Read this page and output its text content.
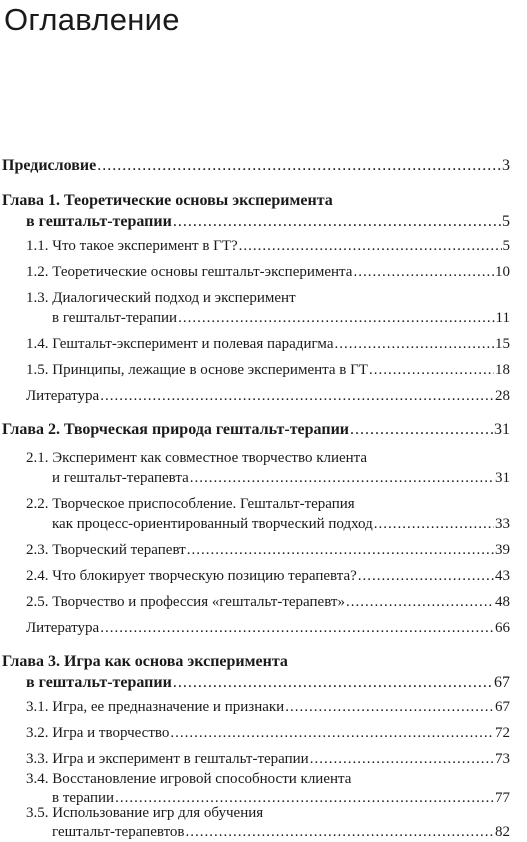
Оглавление
Предисловие .....	3
Глава 1. Теоретические основы эксперимента
в гештальт-терапии .....	5
1.1. Что такое эксперимент в ГТ? .....	5
1.2. Теоретические основы гештальт-эксперимента .....	10
1.3. Диалогический подход и эксперимент
в гештальт-терапии .....	11
1.4. Гештальт-эксперимент и полевая парадигма .....	15
1.5. Принципы, лежащие в основе эксперимента в ГТ .....	18
Литература .....	28
Глава 2. Творческая природа гештальт-терапии .....	31
2.1. Эксперимент как совместное творчество клиента
и гештальт-терапевта .....	31
2.2. Творческое приспособление. Гештальт-терапия
как процесс-ориентированный творческий подход .....	33
2.3. Творческий терапевт .....	39
2.4. Что блокирует творческую позицию терапевта? .....	43
2.5. Творчество и профессия «гештальт-терапевт» .....	48
Литература .....	66
Глава 3. Игра как основа эксперимента
в гештальт-терапии .....	67
3.1. Игра, ее предназначение и признаки .....	67
3.2. Игра и творчество .....	72
3.3. Игра и эксперимент в гештальт-терапии .....	73
3.4. Восстановление игровой способности клиента
в терапии .....	77
3.5. Использование игр для обучения
гештальт-терапевтов .....	82
